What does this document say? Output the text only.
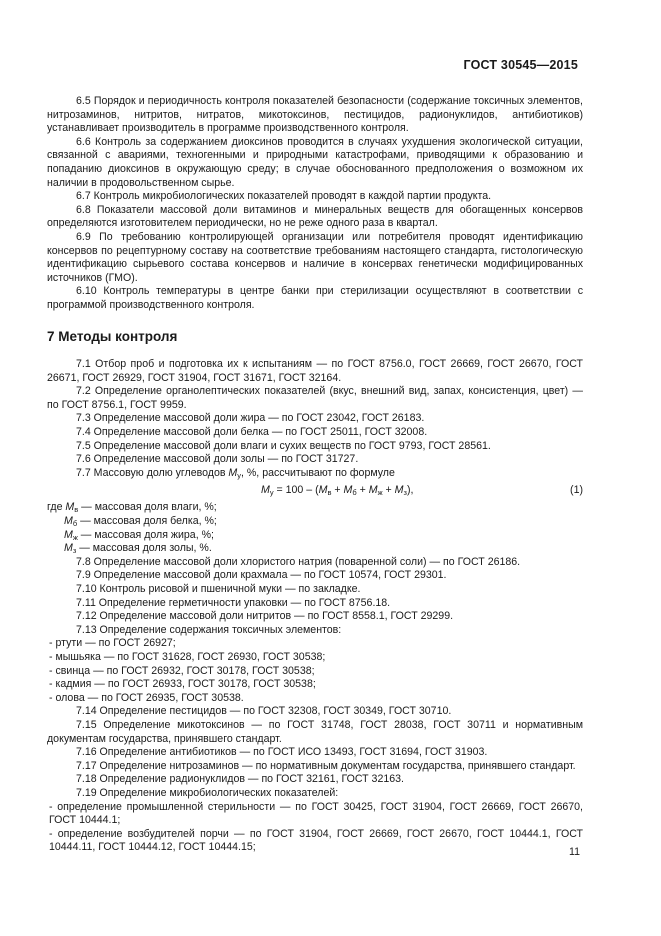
ГОСТ 30545—2015

6.5 Порядок и периодичность контроля показателей безопасности (содержание токсичных элементов, нитрозаминов, нитритов, нитратов, микотоксинов, пестицидов, радионуклидов, антибиотиков) устанавливает производитель в программе производственного контроля.

6.6 Контроль за содержанием диоксинов проводится в случаях ухудшения экологической ситуации, связанной с авариями, техногенными и природными катастрофами, приводящими к образованию и попаданию диоксинов в окружающую среду; в случае обоснованного предположения о возможном их наличии в продовольственном сырье.

6.7 Контроль микробиологических показателей проводят в каждой партии продукта.

6.8 Показатели массовой доли витаминов и минеральных веществ для обогащенных консервов определяются изготовителем периодически, но не реже одного раза в квартал.

6.9 По требованию контролирующей организации или потребителя проводят идентификацию консервов по рецептурному составу на соответствие требованиям настоящего стандарта, гистологическую идентификацию сырьевого состава консервов и наличие в консервах генетически модифицированных источников (ГМО).

6.10 Контроль температуры в центре банки при стерилизации осуществляют в соответствии с программой производственного контроля.

7 Методы контроля

7.1 Отбор проб и подготовка их к испытаниям — по ГОСТ 8756.0, ГОСТ 26669, ГОСТ 26670, ГОСТ 26671, ГОСТ 26929, ГОСТ 31904, ГОСТ 31671, ГОСТ 32164.

7.2 Определение органолептических показателей (вкус, внешний вид, запах, консистенция, цвет) — по ГОСТ 8756.1, ГОСТ 9959.

7.3 Определение массовой доли жира — по ГОСТ 23042, ГОСТ 26183.

7.4 Определение массовой доли белка — по ГОСТ 25011, ГОСТ 32008.

7.5 Определение массовой доли влаги и сухих веществ по ГОСТ 9793, ГОСТ 28561.

7.6 Определение массовой доли золы — по ГОСТ 31727.

7.7 Массовую долю углеводов $M_у$, %, рассчитывают по формуле

$M_у = 100 - (M_в + M_б + M_ж + M_з)$,	(1)

где $M_в$ — массовая доля влаги, %;

$M_б$ — массовая доля белка, %;

$M_ж$ — массовая доля жира, %;

$M_з$ — массовая доля золы, %.

7.8 Определение массовой доли хлористого натрия (поваренной соли) — по ГОСТ 26186.

7.9 Определение массовой доли крахмала — по ГОСТ 10574, ГОСТ 29301.

7.10 Контроль рисовой и пшеничной муки — по закладке.

7.11 Определение герметичности упаковки — по ГОСТ 8756.18.

7.12 Определение массовой доли нитритов — по ГОСТ 8558.1, ГОСТ 29299.

7.13 Определение содержания токсичных элементов:

- ртути — по ГОСТ 26927;

- мышьяка — по ГОСТ 31628, ГОСТ 26930, ГОСТ 30538;

- свинца — по ГОСТ 26932, ГОСТ 30178, ГОСТ 30538;

- кадмия — по ГОСТ 26933, ГОСТ 30178, ГОСТ 30538;

- олова — по ГОСТ 26935, ГОСТ 30538.

7.14 Определение пестицидов — по ГОСТ 32308, ГОСТ 30349, ГОСТ 30710.

7.15 Определение микотоксинов — по ГОСТ 31748, ГОСТ 28038, ГОСТ 30711 и нормативным документам государства, принявшего стандарт.

7.16 Определение антибиотиков — по ГОСТ ИСО 13493, ГОСТ 31694, ГОСТ 31903.

7.17 Определение нитрозаминов — по нормативным документам государства, принявшего стандарт.

7.18 Определение радионуклидов — по ГОСТ 32161, ГОСТ 32163.

7.19 Определение микробиологических показателей:

- определение промышленной стерильности — по ГОСТ 30425, ГОСТ 31904, ГОСТ 26669, ГОСТ 26670, ГОСТ 10444.1;

- определение возбудителей порчи — по ГОСТ 31904, ГОСТ 26669, ГОСТ 26670, ГОСТ 10444.1, ГОСТ 10444.11, ГОСТ 10444.12, ГОСТ 10444.15;	11
